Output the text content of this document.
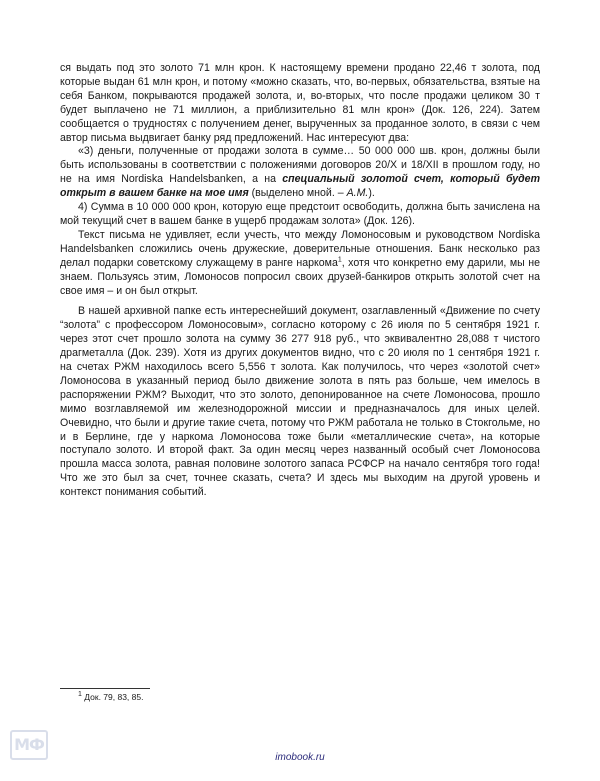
ся выдать под это золото 71 млн крон. К настоящему времени продано 22,46 т золота, под которые выдан 61 млн крон, и потому «можно сказать, что, во-первых, обязательства, взятые на себя Банком, покрываются продажей золота, и, во-вторых, что после продажи целиком 30 т будет выплачено не 71 миллион, а приблизительно 81 млн крон» (Док. 126, 224). Затем сообщается о трудностях с получением денег, вырученных за проданное золото, в связи с чем автор письма выдвигает банку ряд предложений. Нас интересуют два:

«3) деньги, полученные от продажи золота в сумме… 50 000 000 шв. крон, должны были быть использованы в соответствии с положениями договоров 20/X и 18/XII в прошлом году, но не на имя Nordiska Handelsbanken, а на специальный золотой счет, который будет открыт в вашем банке на мое имя (выделено мной. – А.М.).

4) Сумма в 10 000 000 крон, которую еще предстоит освободить, должна быть зачислена на мой текущий счет в вашем банке в ущерб продажам золота» (Док. 126).

Текст письма не удивляет, если учесть, что между Ломоносовым и руководством Nordiska Handelsbanken сложились очень дружеские, доверительные отношения. Банк несколько раз делал подарки советскому служащему в ранге наркома$^1$, хотя что конкретно ему дарили, мы не знаем. Пользуясь этим, Ломоносов попросил своих друзей-банкиров открыть золотой счет на свое имя – и он был открыт.

В нашей архивной папке есть интереснейший документ, озаглавленный «Движение по счету “золота” с профессором Ломоносовым», согласно которому с 26 июля по 5 сентября 1921 г. через этот счет прошло золота на сумму 36 277 918 руб., что эквивалентно 28,088 т чистого драгметалла (Док. 239). Хотя из других документов видно, что с 20 июля по 1 сентября 1921 г. на счетах РЖМ находилось всего 5,556 т золота. Как получилось, что через «золотой счет» Ломоносова в указанный период было движение золота в пять раз больше, чем имелось в распоряжении РЖМ? Выходит, что это золото, депонированное на счете Ломоносова, прошло мимо возглавляемой им железнодорожной миссии и предназначалось для иных целей. Очевидно, что были и другие такие счета, потому что РЖМ работала не только в Стокгольме, но и в Берлине, где у наркома Ломоносова тоже были «металлические счета», на которые поступало золото. И второй факт. За один месяц через названный особый счет Ломоносова прошла масса золота, равная половине золотого запаса РСФСР на начало сентября того года! Что же это был за счет, точнее сказать, счета? И здесь мы выходим на другой уровень и контекст понимания событий.

$^1$ Док. 79, 83, 85.
МФ
imobook.ru
